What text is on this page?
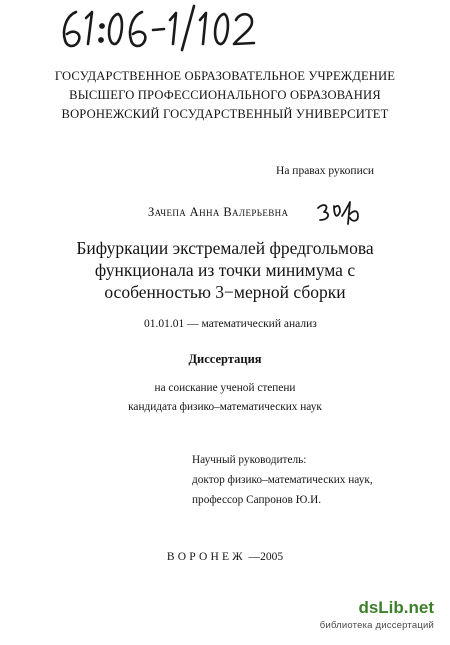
ГОСУДАРСТВЕННОЕ ОБРАЗОВАТЕЛЬНОЕ УЧРЕЖДЕНИЕ
ВЫСШЕГО ПРОФЕССИОНАЛЬНОГО ОБРАЗОВАНИЯ
ВОРОНЕЖСКИЙ ГОСУДАРСТВЕННЫЙ УНИВЕРСИТЕТ
На правах рукописи
Зачепа Анна Валерьевна
Бифуркации экстремалей фредгольмова
функционала из точки минимума с
особенностью 3−мерной сборки
01.01.01 — математический анализ
Диссертация
на соискание ученой степени
кандидата физико–математических наук
Научный руководитель:
доктор физико–математических наук,
профессор Сапронов Ю.И.
ВОРОНЕЖ —2005
dsLib.net
библиотека диссертаций
